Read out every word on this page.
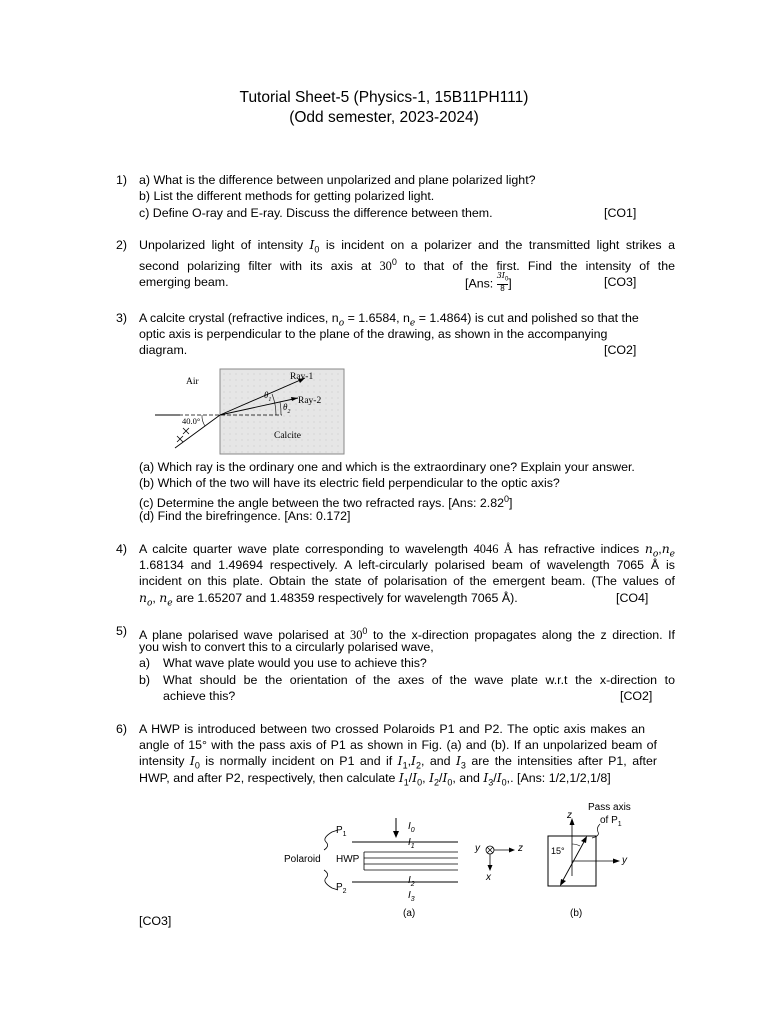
Tutorial Sheet-5 (Physics-1, 15B11PH111)
(Odd semester, 2023-2024)
1) a) What is the difference between unpolarized and plane polarized light?
b) List the different methods for getting polarized light.
c) Define O-ray and E-ray. Discuss the difference between them.	[CO1]
2) Unpolarized light of intensity $I_0$ is incident on a polarizer and the transmitted light strikes a
second polarizing filter with its axis at $30^0$ to that of the first. Find the intensity of the
emerging beam.	[Ans: $\frac{3I_0}{8}$ ]	[CO3]
3) A calcite crystal (refractive indices, $n_o = 1.6584$, $n_e = 1.4864$) is cut and polished so that the
optic axis is perpendicular to the plane of the drawing, as shown in the accompanying
diagram.	[CO2]
Air	Ray-1
Ray-2
$\theta_1$
$\theta_2$
40.0°
Calcite
(a) Which ray is the ordinary one and which is the extraordinary one? Explain your answer.
(b) Which of the two will have its electric field perpendicular to the optic axis?
(c) Determine the angle between the two refracted rays. [Ans: 2.82$^0$]
(d) Find the birefringence. [Ans: 0.172]
4) A calcite quarter wave plate corresponding to wavelength 4046 Å has refractive indices $n_o,n_e$
1.68134 and 1.49694 respectively. A left-circularly polarised beam of wavelength 7065 Å is
incident on this plate. Obtain the state of polarisation of the emergent beam. (The values of
$n_o$, $n_e$ are 1.65207 and 1.48359 respectively for wavelength 7065 Å).	[CO4]
5) A plane polarised wave polarised at $30^0$ to the x-direction propagates along the z direction. If
you wish to convert this to a circularly polarised wave,
a) What wave plate would you use to achieve this?
b) What should be the orientation of the axes of the wave plate w.r.t the x-direction to
achieve this?	[CO2]
6) A HWP is introduced between two crossed Polaroids P1 and P2. The optic axis makes an
angle of 15° with the pass axis of P1 as shown in Fig. (a) and (b). If an unpolarized beam of
intensity $I_0$ is normally incident on P1 and if $I_1,I_2$, and $I_3$ are the intensities after P1, after
HWP, and after P2, respectively, then calculate $I_1/I_0$, $I_2/I_0$, and $I_3/I_0$,. [Ans: 1/2,1/2,1/8]
$P_1$
Polaroid HWP
$P_2$
$I_0$
$I_1$
$I_2$
$I_3$
y	z
x
(a)
Pass axis
of $P_1$
z
15°
y
(b)
[CO3]
